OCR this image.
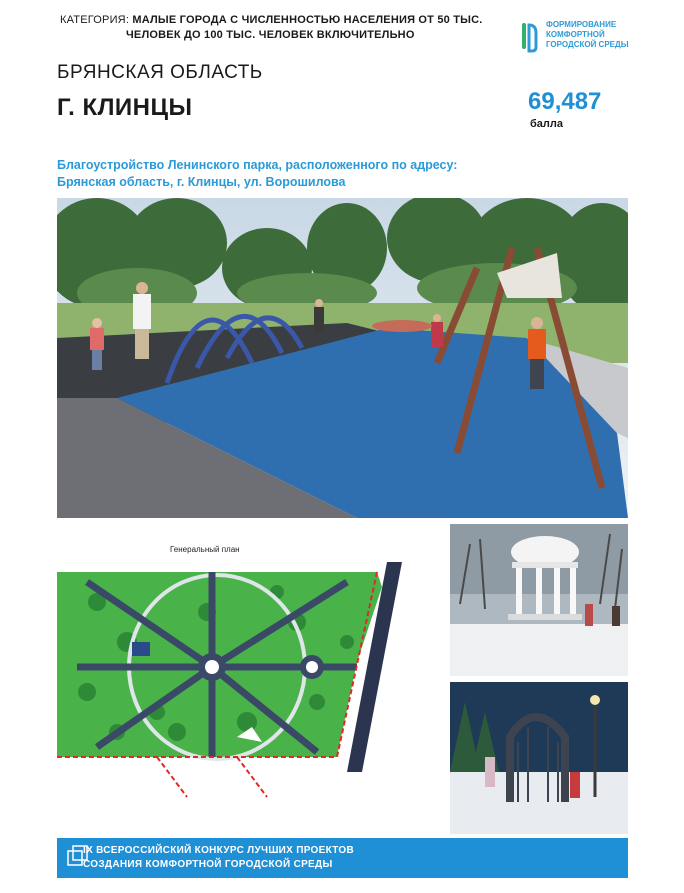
КАТЕГОРИЯ: МАЛЫЕ ГОРОДА С ЧИСЛЕННОСТЬЮ НАСЕЛЕНИЯ ОТ 50 ТЫС.
ЧЕЛОВЕК ДО 100 ТЫС. ЧЕЛОВЕК ВКЛЮЧИТЕЛЬНО
ФОРМИРОВАНИЕ
КОМФОРТНОЙ
ГОРОДСКОЙ СРЕДЫ
БРЯНСКАЯ ОБЛАСТЬ
Г. КЛИНЦЫ	69,487
балла
Благоустройство Ленинского парка, расположенного по адресу:
Брянская область, г. Клинцы, ул. Ворошилова
Генеральный план
IX ВСЕРОССИЙСКИЙ КОНКУРС ЛУЧШИХ ПРОЕКТОВ
СОЗДАНИЯ КОМФОРТНОЙ ГОРОДСКОЙ СРЕДЫ
